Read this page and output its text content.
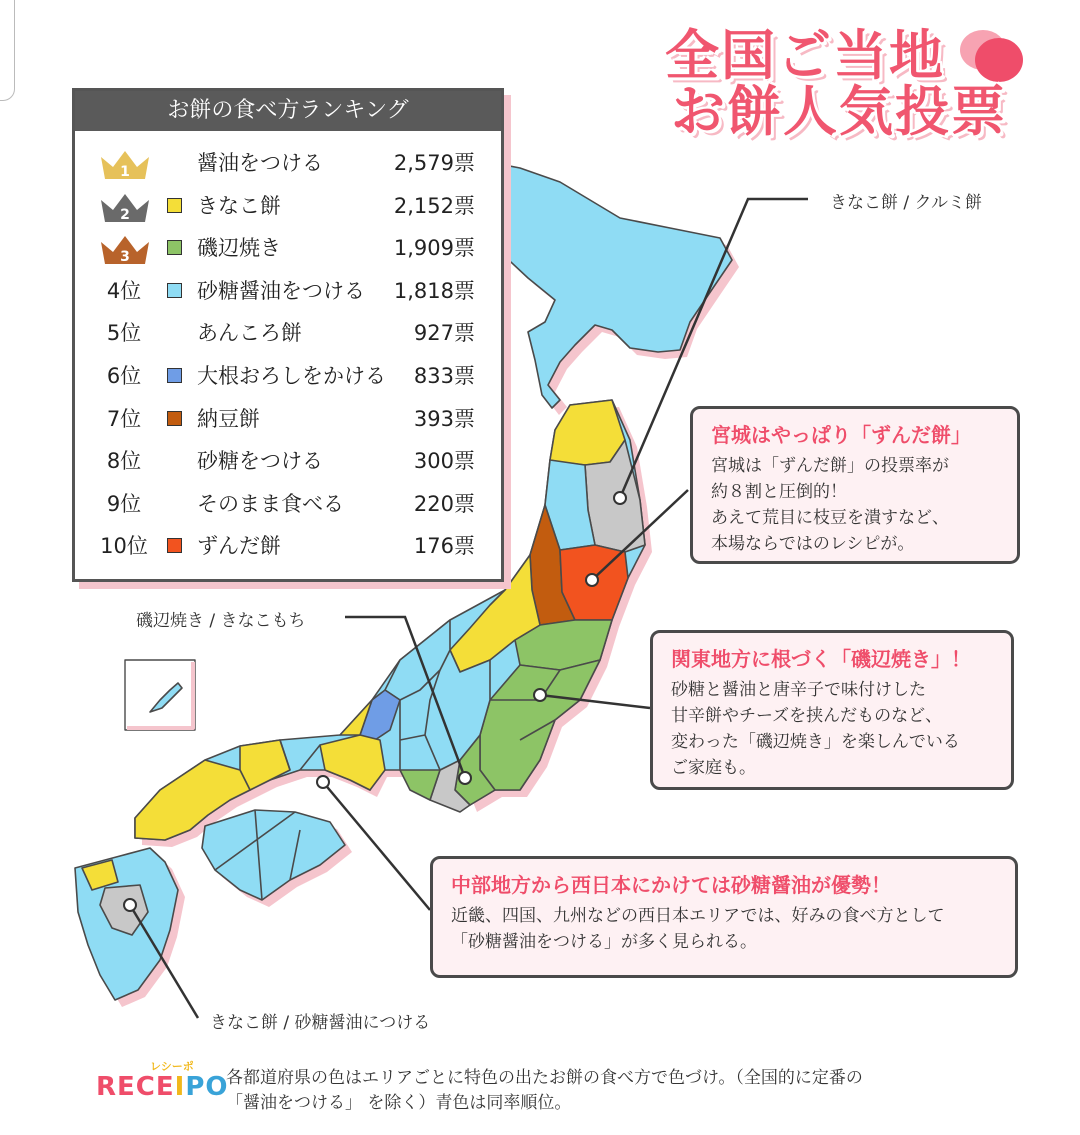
全国ご当地
お餅人気投票
きなこ餅 / クルミ餅
磯辺焼き / きなこもち
きなこ餅 / 砂糖醤油につける
お餅の食べ方ランキング
1	醤油をつける	2,579票
2	きなこ餅	2,152票
3	磯辺焼き	1,909票
4位	砂糖醤油をつける 1,818票
5位	あんころ餅	927票
6位	大根おろしをかける 833票
7位	納豆餅	393票
8位	砂糖をつける	300票
9位	そのまま食べる	220票
10位	ずんだ餅	176票
宮城はやっぱり「ずんだ餅」
宮城は「ずんだ餅」の投票率が
約８割と圧倒的！
あえて荒目に枝豆を潰すなど、
本場ならではのレシピが。
関東地方に根づく「磯辺焼き」！
砂糖と醤油と唐辛子で味付けした
甘辛餅やチーズを挟んだものなど、
変わった「磯辺焼き」を楽しんでいる
ご家庭も。
中部地方から西日本にかけては砂糖醤油が優勢！
近畿、四国、九州などの西日本エリアでは、好みの食べ方として
「砂糖醤油をつける」が多く見られる。
レシーポ
RECEIPO
各都道府県の色はエリアごとに特色の出たお餅の食べ方で色づけ。（全国的に定番の
「醤油をつける」 を除く）青色は同率順位。
